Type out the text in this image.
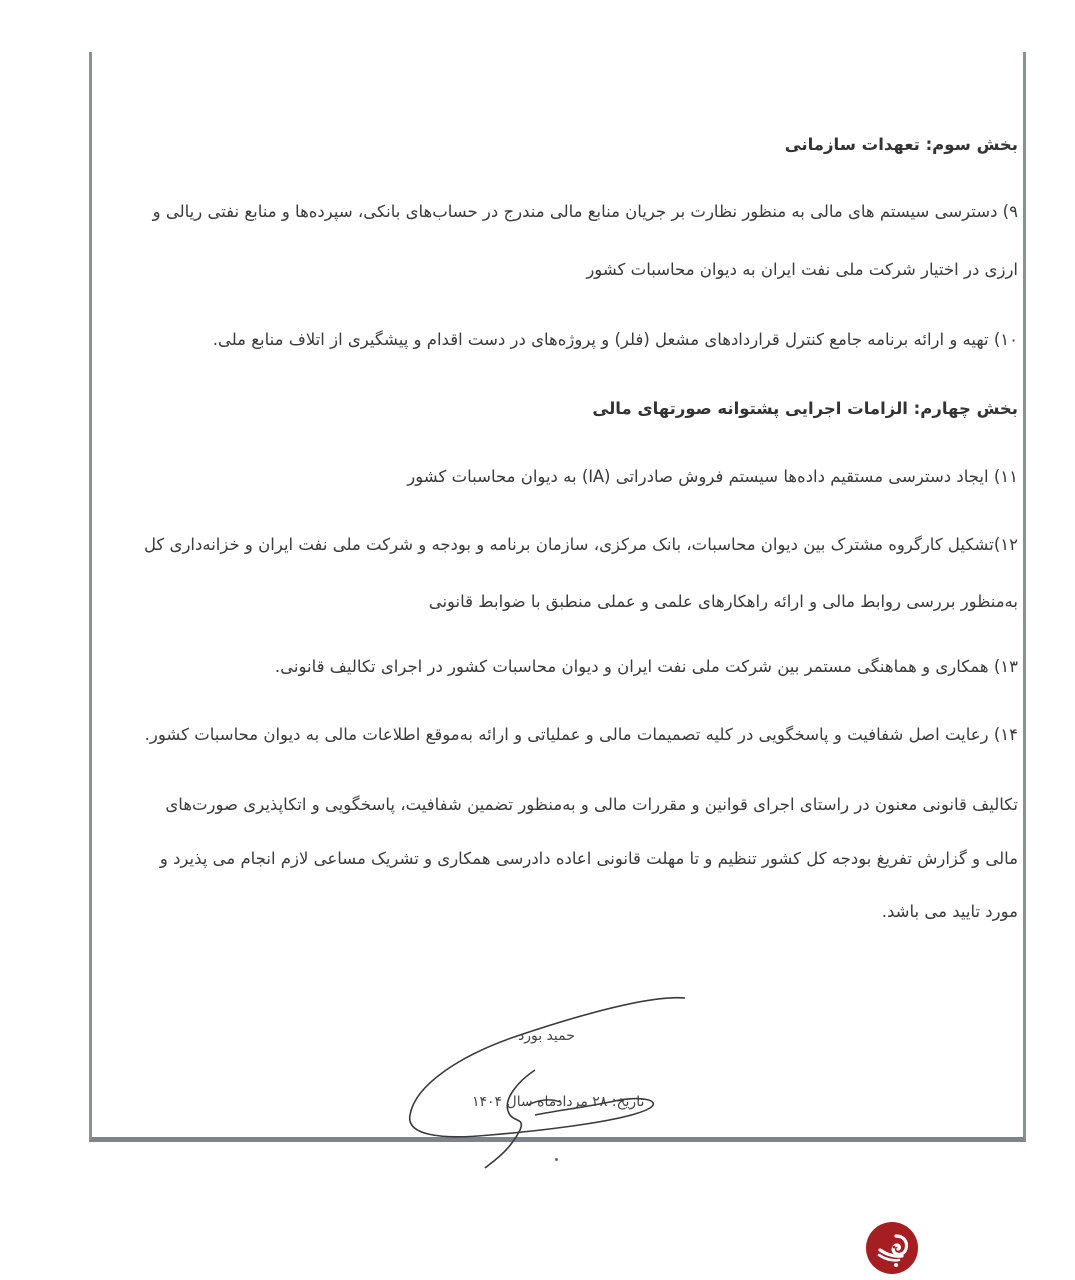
بخش سوم: تعهدات سازمانی
۹) دسترسی سیستم های مالی به منظور نظارت بر جریان منابع مالی مندرج در حساب‌های بانکی، سپرده‌ها و منابع نفتی ریالی و
ارزی در اختیار شرکت ملی نفت ایران به دیوان محاسبات کشور
۱۰) تهیه و ارائه برنامه جامع کنترل قراردادهای مشعل (فلر) و پروژه‌های در دست اقدام و پیشگیری از اتلاف منابع ملی.
بخش چهارم: الزامات اجرایی پشتوانه صورتهای مالی
۱۱) ایجاد دسترسی مستقیم داده‌ها سیستم فروش صادراتی (IA) به دیوان محاسبات کشور
۱۲)تشکیل کارگروه مشترک بین دیوان محاسبات، بانک مرکزی، سازمان برنامه و بودجه و شرکت ملی نفت ایران و خزانه‌داری کل
به‌منظور بررسی روابط مالی و ارائه راهکارهای علمی و عملی منطبق با ضوابط قانونی
۱۳) همکاری و هماهنگی مستمر بین شرکت ملی نفت ایران و دیوان محاسبات کشور در اجرای تکالیف قانونی.
۱۴) رعایت اصل شفافیت و پاسخگویی در کلیه تصمیمات مالی و عملیاتی و ارائه به‌موقع اطلاعات مالی به دیوان محاسبات کشور.
تکالیف قانونی معنون در راستای اجرای قوانین و مقررات مالی و به‌منظور تضمین شفافیت، پاسخگویی و اتکاپذیری صورت‌های
مالی و گزارش تفریغ بودجه کل کشور تنظیم و تا مهلت قانونی اعاده دادرسی همکاری و تشریک مساعی لازم انجام می پذیرد و
مورد تایید می باشد.
حمید بورد
تاریخ: ۲۸ مردادماه سال ۱۴۰۴
